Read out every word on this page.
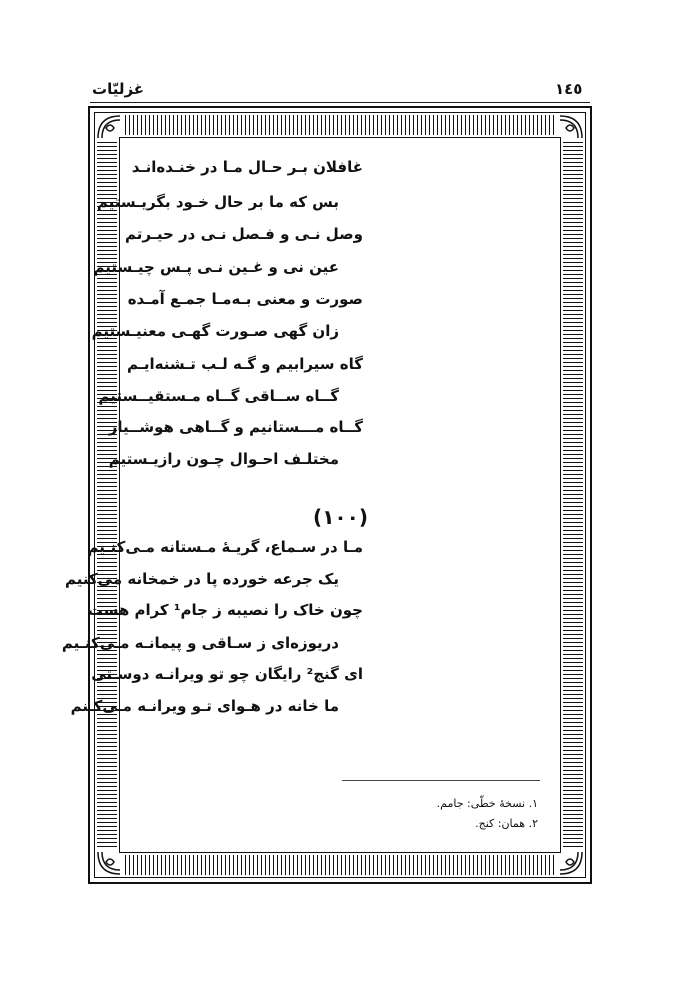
١٤٥
غزلیّات
غافلان بـر حـال مـا در خنـده‌انـد
بس که ما بر حال خـود بگریـستیم
وصل نـی و فـصل نـی در حیـرتم
عین نی و غـین نـی پـس چیـستیم
صورت و معنی بـه‌مـا جمـع آمـده
زان گهی صـورت گهـی معنیـستیم
گاه سیرابیم و گـه لـب تـشنه‌ایـم
گــاه ســاقی گــاه مـستقیــستیم
گــاه مـــستانیم و گــاهی هوشــیار
مختلـف احـوال چـون رازیـستیم
(١٠٠)
مـا در سـماع، گریـهٔ مـستانه مـی‌کنـیم
یک جرعه خورده پا در خمخانه می‌کنیم
چون خاک را نصیبه ز جام¹ کرام هست
دریوزه‌ای ز سـاقی و پیمانـه مـی‌کنـیم
ای گنج² رایگان چو تو ویرانـه دوسـتی
ما خانه در هـوای تـو ویرانـه مـی‌کـنم
١. نسخهٔ خطّی: جامم.
٢. همان: کنج.
